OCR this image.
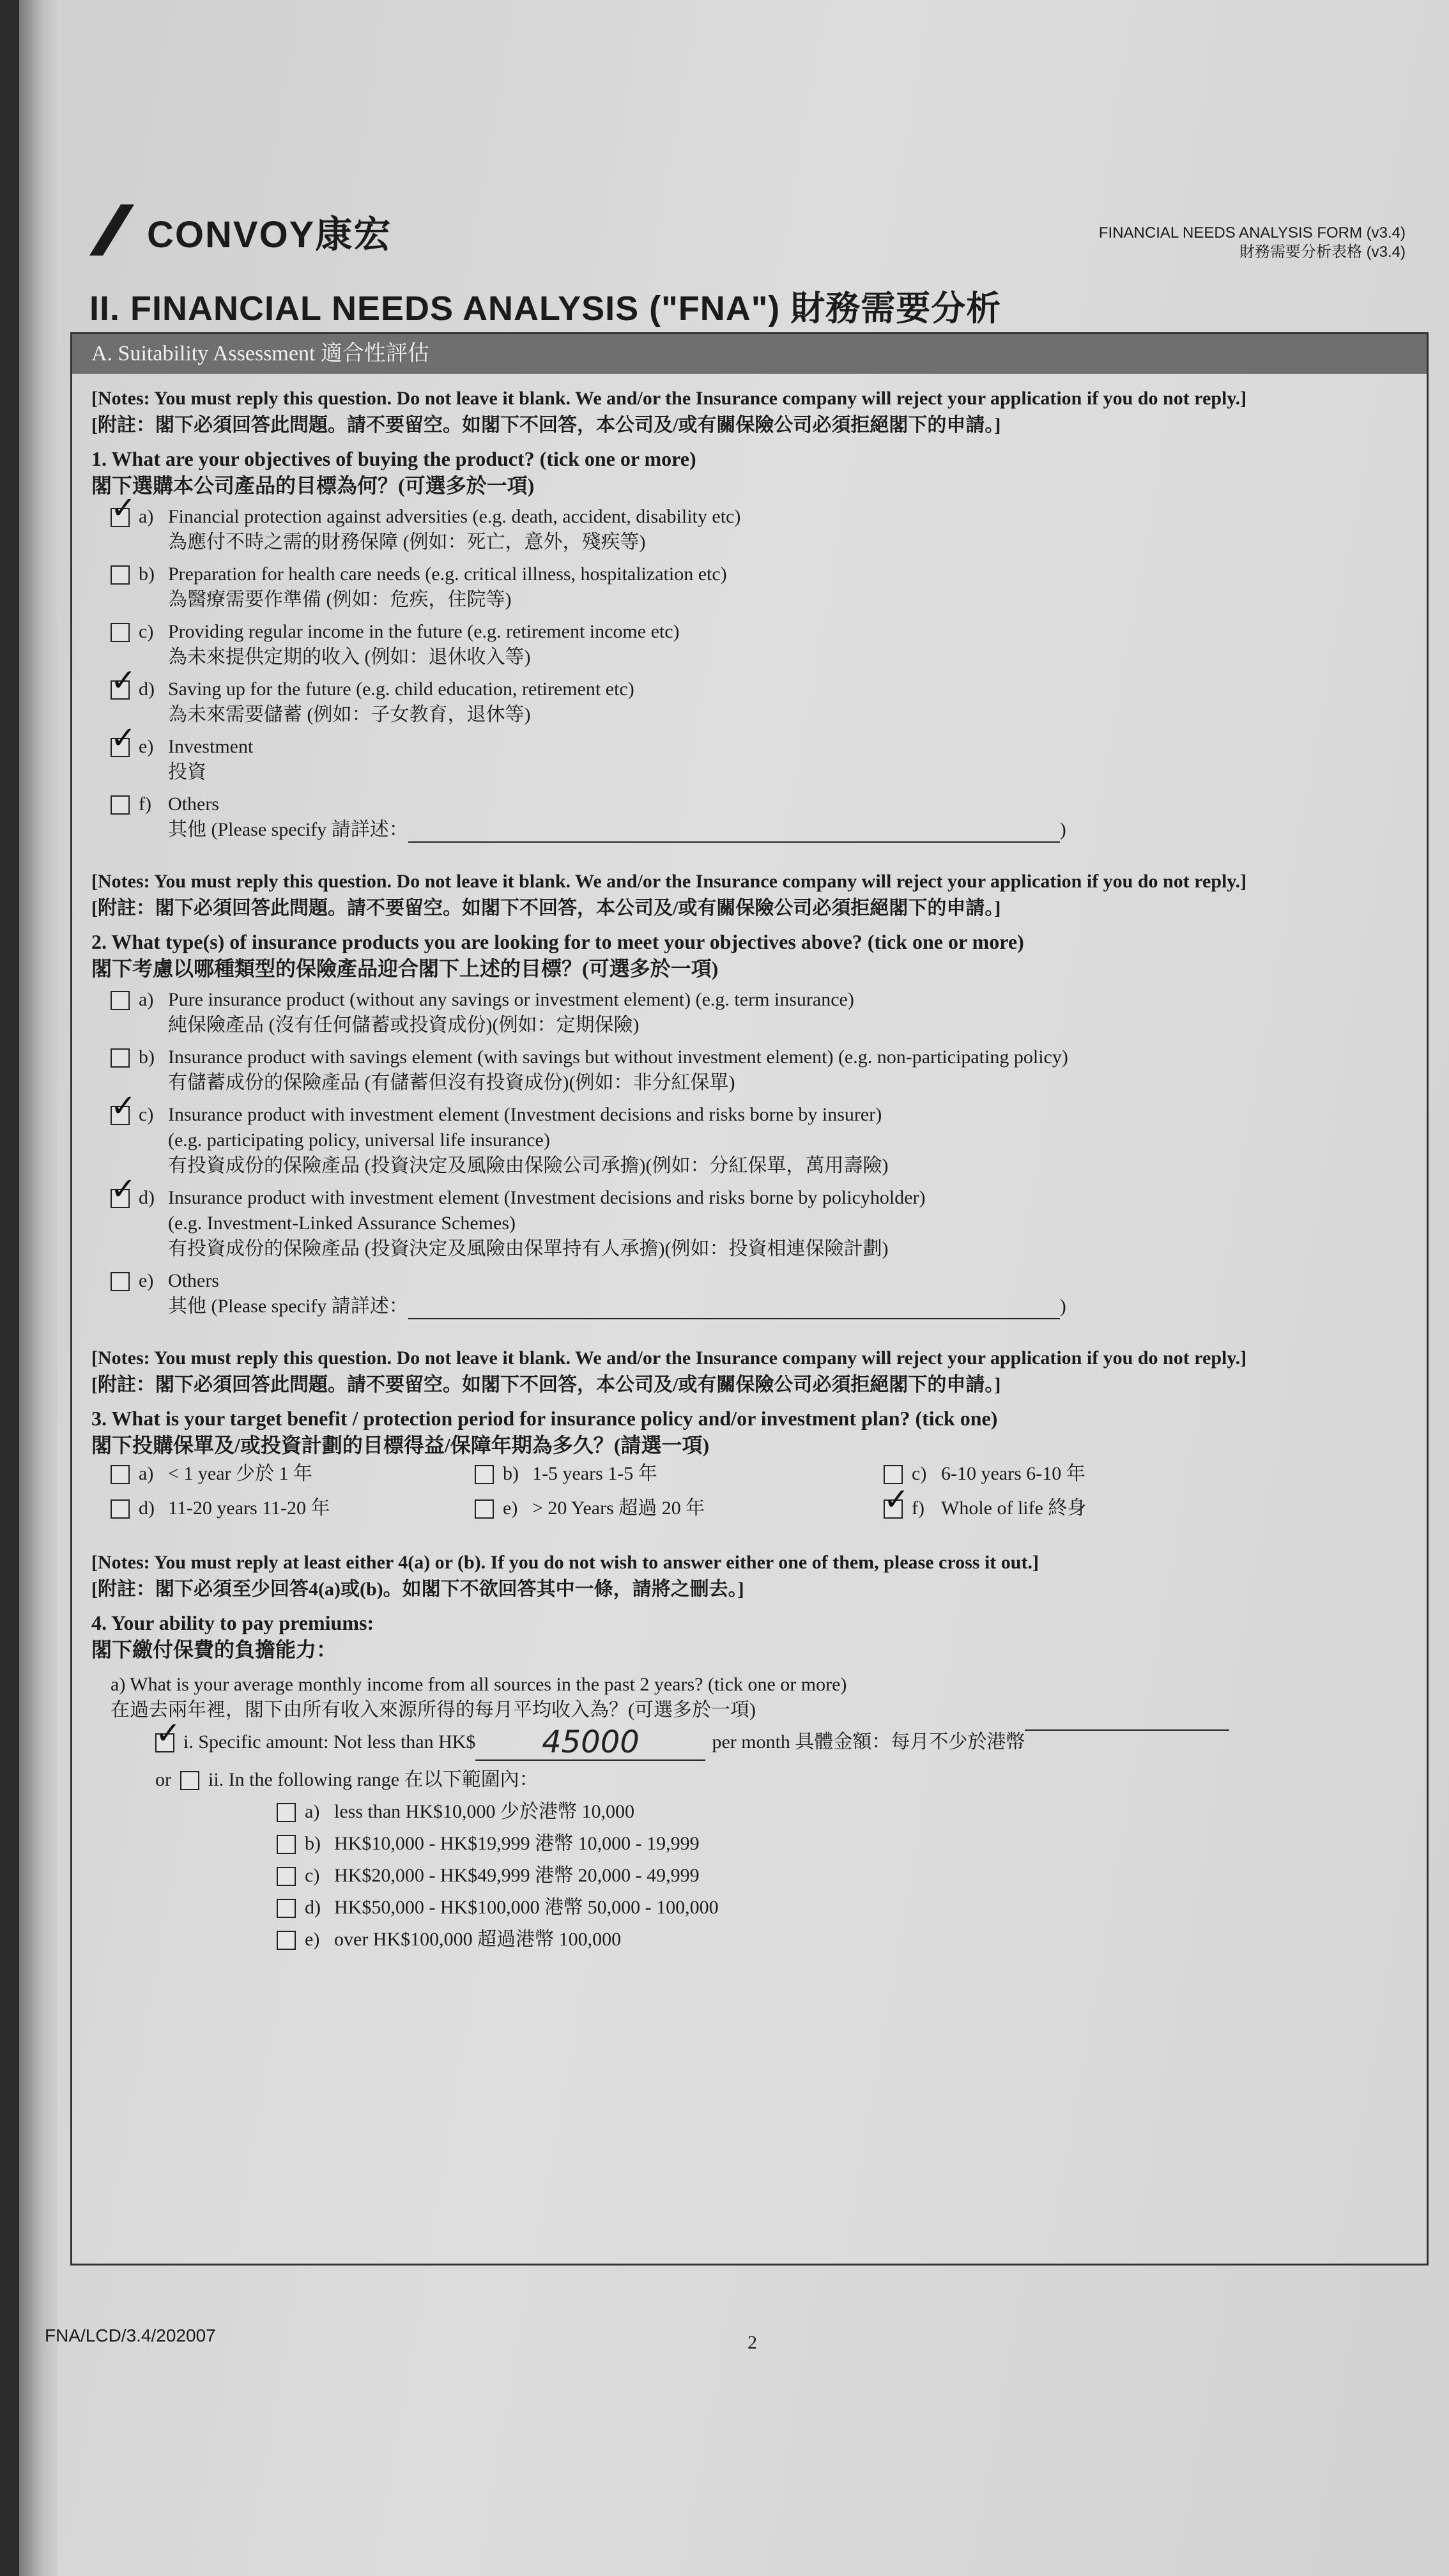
CONVOY康宏	FINANCIAL NEEDS ANALYSIS FORM (v3.4)
財務需要分析表格 (v3.4)
II. FINANCIAL NEEDS ANALYSIS ("FNA") 財務需要分析
A. Suitability Assessment 適合性評估
[Notes: You must reply this question. Do not leave it blank. We and/or the Insurance company will reject your application if you do not reply.]
[附註：閣下必須回答此問題。請不要留空。如閣下不回答，本公司及/或有關保險公司必須拒絕閣下的申請。]
1. What are your objectives of buying the product? (tick one or more)
閣下選購本公司產品的目標為何？(可選多於一項)
✓
a) Financial protection against adversities (e.g. death, accident, disability etc)
為應付不時之需的財務保障 (例如：死亡，意外，殘疾等)
b) Preparation for health care needs (e.g. critical illness, hospitalization etc)
為醫療需要作準備 (例如：危疾，住院等)
c) Providing regular income in the future (e.g. retirement income etc)
為未來提供定期的收入 (例如：退休收入等)
✓
d) Saving up for the future (e.g. child education, retirement etc)
為未來需要儲蓄 (例如：子女教育，退休等)
✓
e) Investment
投資
f) Others
其他 (Please specify 請詳述：	)
[Notes: You must reply this question. Do not leave it blank. We and/or the Insurance company will reject your application if you do not reply.]
[附註：閣下必須回答此問題。請不要留空。如閣下不回答，本公司及/或有關保險公司必須拒絕閣下的申請。]
2. What type(s) of insurance products you are looking for to meet your objectives above? (tick one or more)
閣下考慮以哪種類型的保險產品迎合閣下上述的目標？(可選多於一項)
a) Pure insurance product (without any savings or investment element) (e.g. term insurance)
純保險產品 (沒有任何儲蓄或投資成份)(例如：定期保險)
b) Insurance product with savings element (with savings but without investment element) (e.g. non-participating policy)
有儲蓄成份的保險產品 (有儲蓄但沒有投資成份)(例如：非分紅保單)
✓
c) Insurance product with investment element (Investment decisions and risks borne by insurer)
(e.g. participating policy, universal life insurance)
有投資成份的保險產品 (投資決定及風險由保險公司承擔)(例如：分紅保單，萬用壽險)
✓
d) Insurance product with investment element (Investment decisions and risks borne by policyholder)
(e.g. Investment-Linked Assurance Schemes)
有投資成份的保險產品 (投資決定及風險由保單持有人承擔)(例如：投資相連保險計劃)
e) Others
其他 (Please specify 請詳述：	)
[Notes: You must reply this question. Do not leave it blank. We and/or the Insurance company will reject your application if you do not reply.]
[附註：閣下必須回答此問題。請不要留空。如閣下不回答，本公司及/或有關保險公司必須拒絕閣下的申請。]
3. What is your target benefit / protection period for insurance policy and/or investment plan? (tick one)
閣下投購保單及/或投資計劃的目標得益/保障年期為多久？(請選一項)
a) < 1 year 少於 1 年	b) 1-5 years 1-5 年	c) 6-10 years 6-10 年
d) 11-20 years 11-20 年	e) > 20 Years 超過 20 年
✓	f) Whole of life 終身
[Notes: You must reply at least either 4(a) or (b). If you do not wish to answer either one of them, please cross it out.]
[附註：閣下必須至少回答4(a)或(b)。如閣下不欲回答其中一條，請將之刪去。]
4. Your ability to pay premiums:
閣下繳付保費的負擔能力：
a) What is your average monthly income from all sources in the past 2 years? (tick one or more)
在過去兩年裡，閣下由所有收入來源所得的每月平均收入為？(可選多於一項)
✓
i. Specific amount: Not less than HK$	45000	per month 具體金額：每月不少於港幣
or ii. In the following range 在以下範圍內：
a) less than HK$10,000 少於港幣 10,000
b) HK$10,000 - HK$19,999 港幣 10,000 - 19,999
c) HK$20,000 - HK$49,999 港幣 20,000 - 49,999
d) HK$50,000 - HK$100,000 港幣 50,000 - 100,000
e) over HK$100,000 超過港幣 100,000
FNA/LCD/3.4/202007	2
